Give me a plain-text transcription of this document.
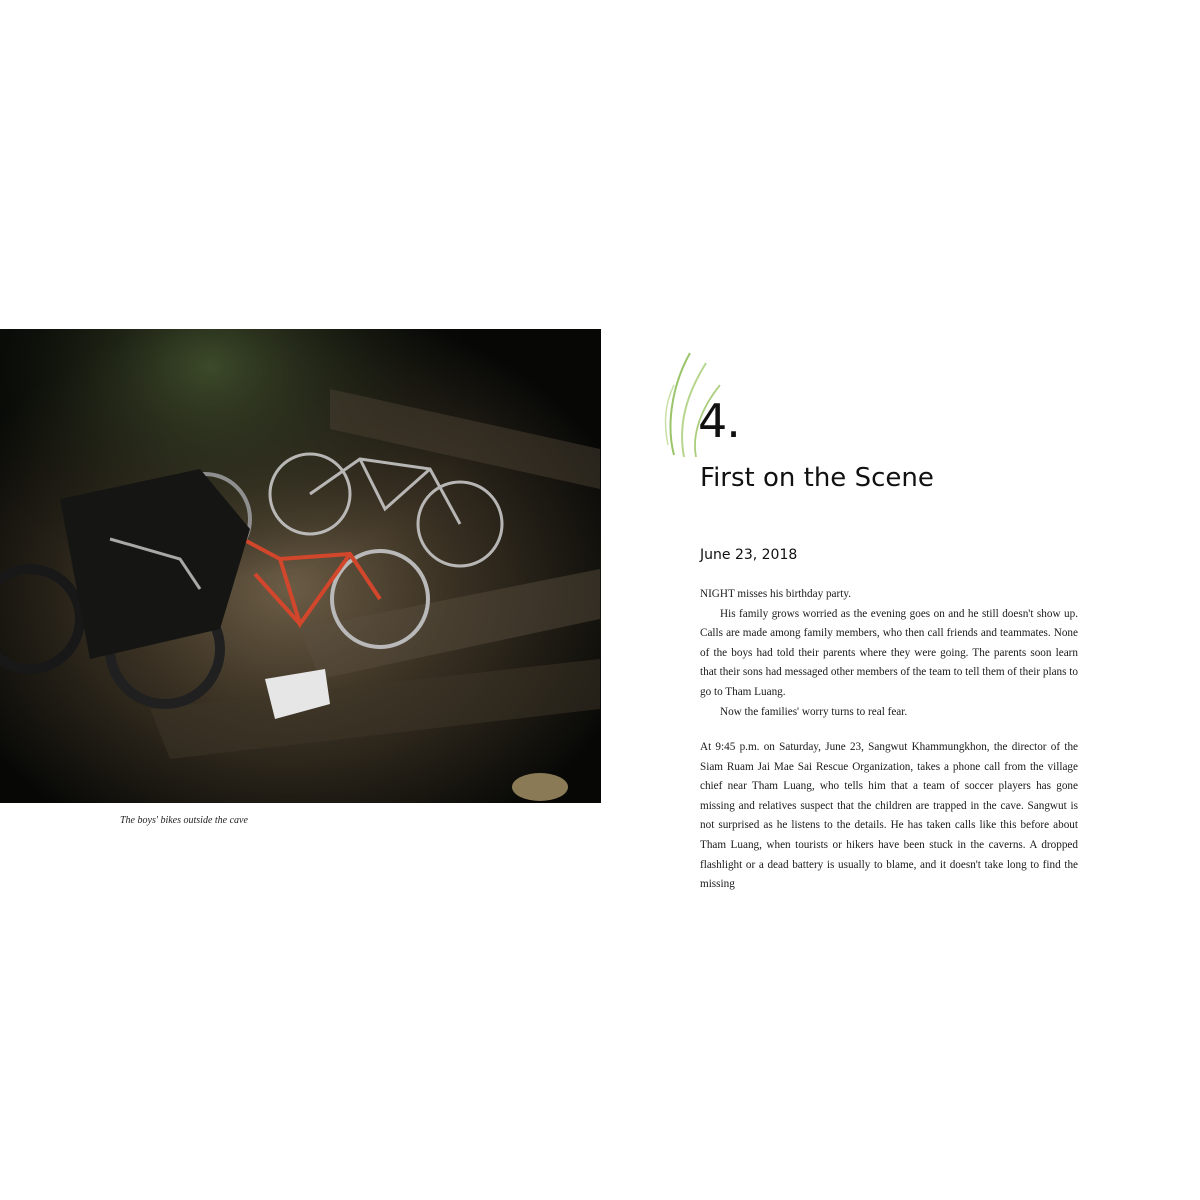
The boys' bikes outside the cave
4.
First on the Scene
June 23, 2018

NIGHT misses his birthday party.

His family grows worried as the evening goes on and he still doesn't show up. Calls are made among family members, who then call friends and teammates. None of the boys had told their parents where they were going. The parents soon learn that their sons had messaged other members of the team to tell them of their plans to go to Tham Luang.

Now the families' worry turns to real fear.

At 9:45 p.m. on Saturday, June 23, Sangwut Khammungkhon, the director of the Siam Ruam Jai Mae Sai Rescue Organization, takes a phone call from the village chief near Tham Luang, who tells him that a team of soccer players has gone missing and relatives suspect that the children are trapped in the cave. Sangwut is not surprised as he listens to the details. He has taken calls like this before about Tham Luang, when tourists or hikers have been stuck in the caverns. A dropped flashlight or a dead battery is usually to blame, and it doesn't take long to find the missing
